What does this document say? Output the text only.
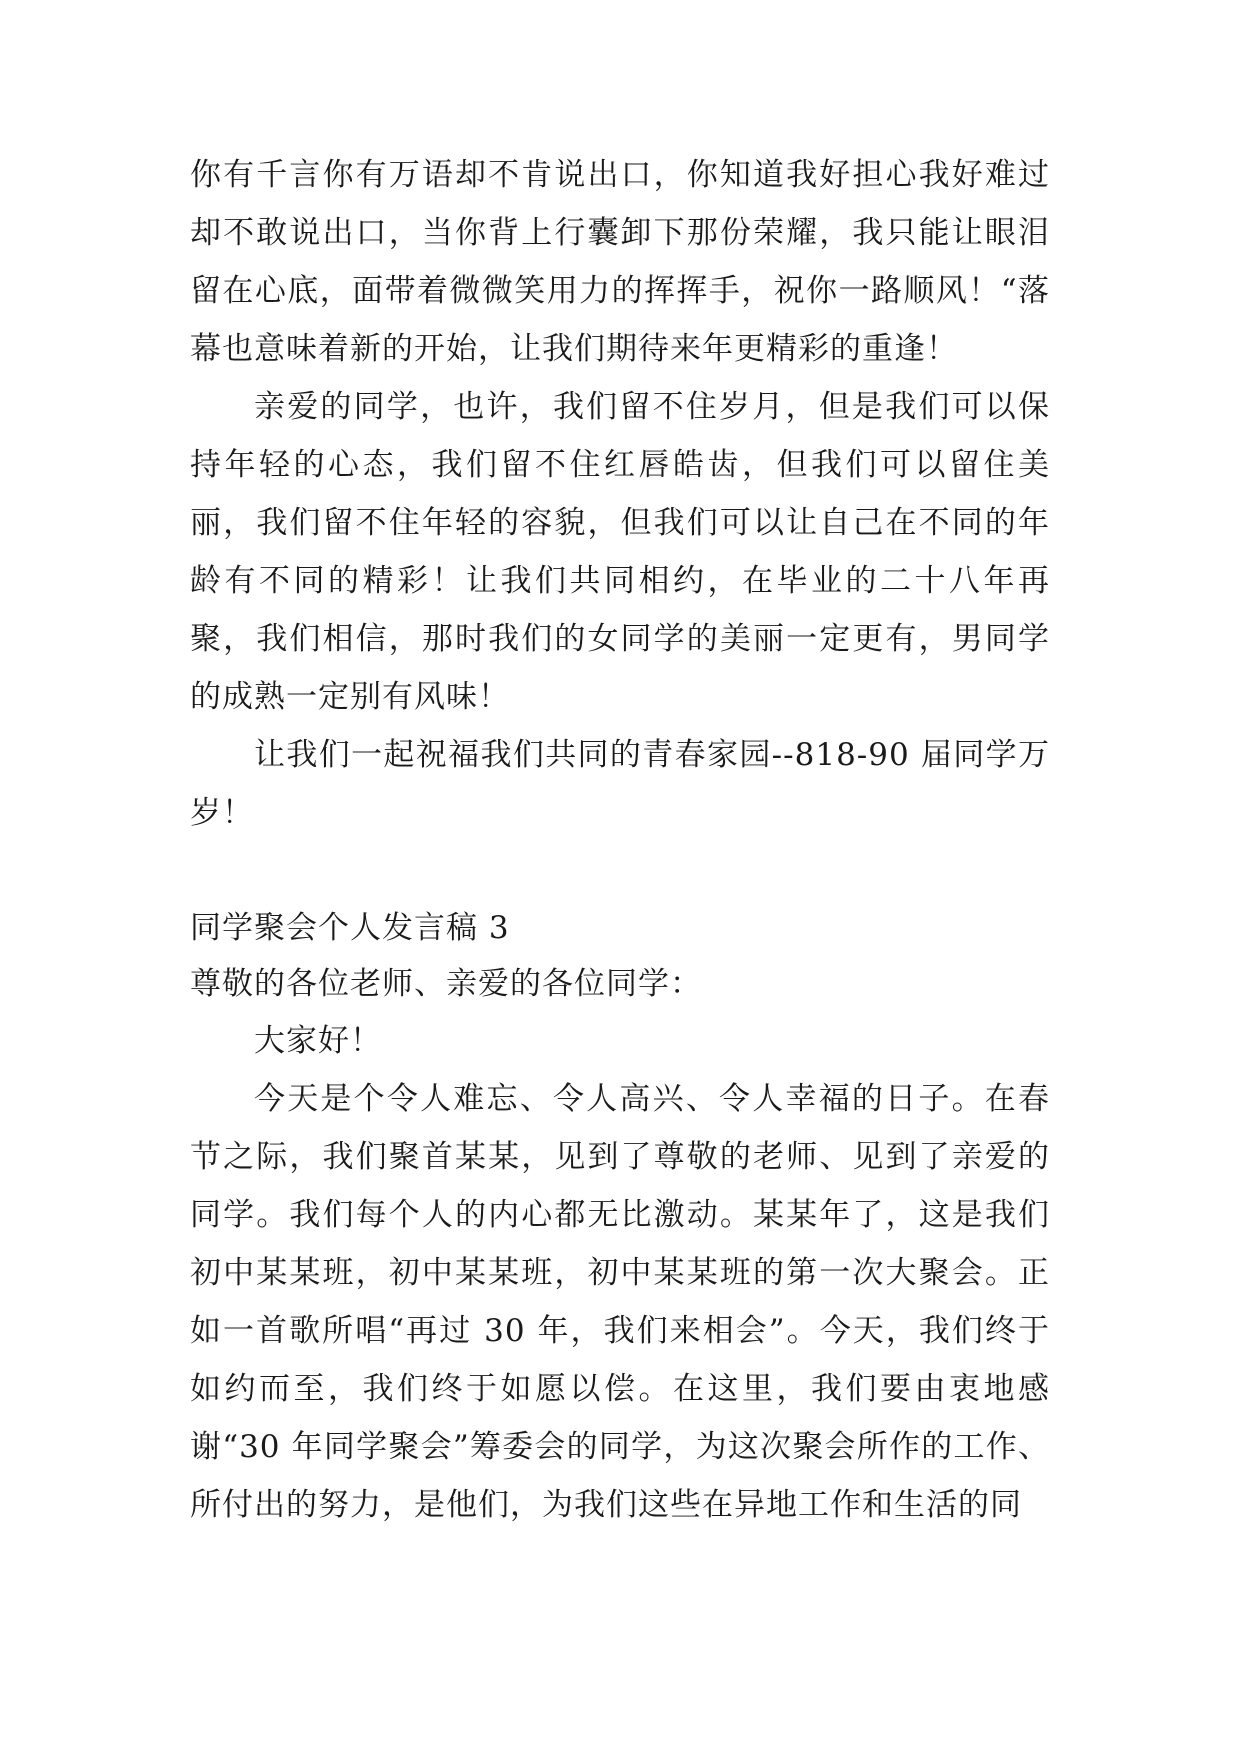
你有千言你有万语却不肯说出口，你知道我好担心我好难过却不敢说出口，当你背上行囊卸下那份荣耀，我只能让眼泪留在心底，面带着微微笑用力的挥挥手，祝你一路顺风！“落幕也意味着新的开始，让我们期待来年更精彩的重逢！

亲爱的同学，也许，我们留不住岁月，但是我们可以保持年轻的心态，我们留不住红唇皓齿，但我们可以留住美丽，我们留不住年轻的容貌，但我们可以让自己在不同的年龄有不同的精彩！让我们共同相约，在毕业的二十八年再聚，我们相信，那时我们的女同学的美丽一定更有，男同学的成熟一定别有风味！

让我们一起祝福我们共同的青春家园--818-90 届同学万岁！

同学聚会个人发言稿 3

尊敬的各位老师、亲爱的各位同学：

大家好！

今天是个令人难忘、令人高兴、令人幸福的日子。在春节之际，我们聚首某某，见到了尊敬的老师、见到了亲爱的同学。我们每个人的内心都无比激动。某某年了，这是我们初中某某班，初中某某班，初中某某班的第一次大聚会。正如一首歌所唱“再过 30 年，我们来相会”。今天，我们终于如约而至，我们终于如愿以偿。在这里，我们要由衷地感谢“30 年同学聚会”筹委会的同学，为这次聚会所作的工作、所付出的努力，是他们，为我们这些在异地工作和生活的同
